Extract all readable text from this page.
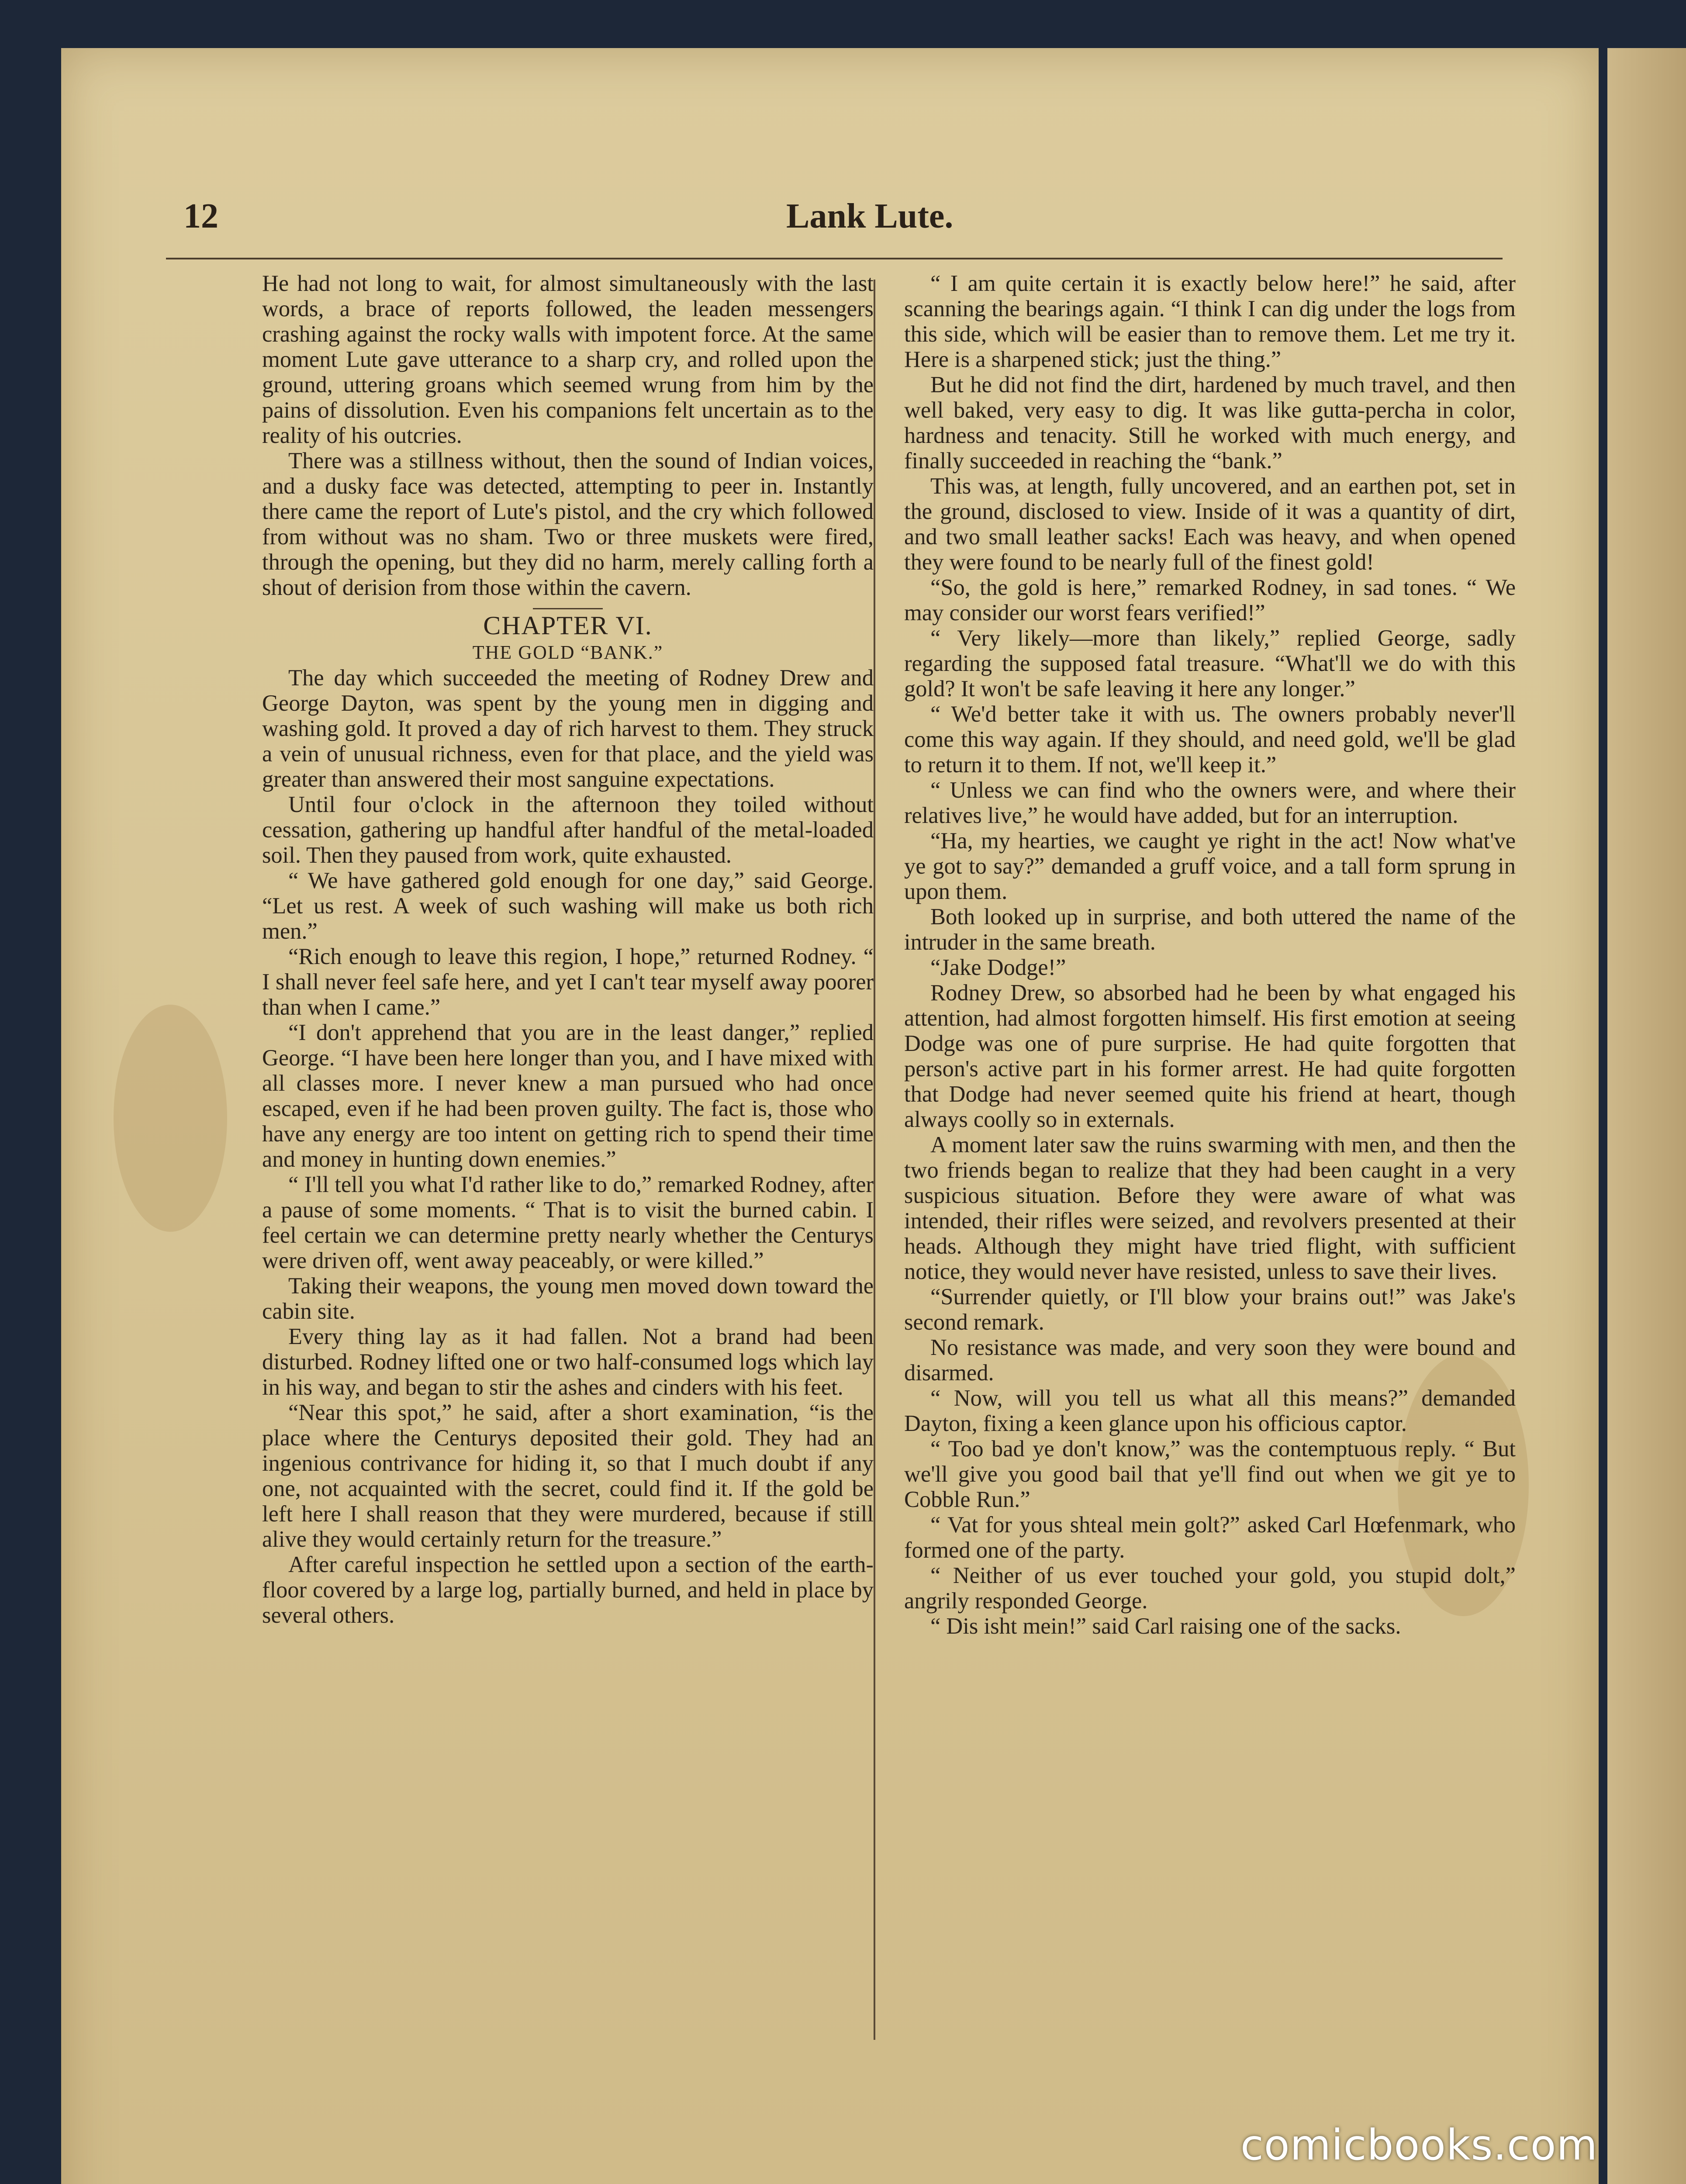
12	Lank Lute.

He had not long to wait, for almost simultaneously with the last words, a brace of reports followed, the leaden messengers crashing against the rocky walls with impotent force. At the same moment Lute gave utterance to a sharp cry, and rolled upon the ground, uttering groans which seemed wrung from him by the pains of dissolution. Even his companions felt uncertain as to the reality of his outcries.

There was a stillness without, then the sound of Indian voices, and a dusky face was detected, attempting to peer in. Instantly there came the report of Lute's pistol, and the cry which followed from without was no sham. Two or three muskets were fired, through the opening, but they did no harm, merely calling forth a shout of derision from those within the cavern.

CHAPTER VI.

THE GOLD “BANK.”

The day which succeeded the meeting of Rodney Drew and George Dayton, was spent by the young men in digging and washing gold. It proved a day of rich harvest to them. They struck a vein of unusual richness, even for that place, and the yield was greater than answered their most sanguine expectations.

Until four o'clock in the afternoon they toiled without cessation, gathering up handful after handful of the metal-loaded soil. Then they paused from work, quite exhausted.

“ We have gathered gold enough for one day,” said George. “Let us rest. A week of such washing will make us both rich men.”

“Rich enough to leave this region, I hope,” returned Rodney. “ I shall never feel safe here, and yet I can't tear myself away poorer than when I came.”

“I don't apprehend that you are in the least danger,” replied George. “I have been here longer than you, and I have mixed with all classes more. I never knew a man pursued who had once escaped, even if he had been proven guilty. The fact is, those who have any energy are too intent on getting rich to spend their time and money in hunting down enemies.”

“ I'll tell you what I'd rather like to do,” remarked Rodney, after a pause of some moments. “ That is to visit the burned cabin. I feel certain we can determine pretty nearly whether the Centurys were driven off, went away peaceably, or were killed.”

Taking their weapons, the young men moved down toward the cabin site.

Every thing lay as it had fallen. Not a brand had been disturbed. Rodney lifted one or two half-consumed logs which lay in his way, and began to stir the ashes and cinders with his feet.

“Near this spot,” he said, after a short examination, “is the place where the Centurys deposited their gold. They had an ingenious contrivance for hiding it, so that I much doubt if any one, not acquainted with the secret, could find it. If the gold be left here I shall reason that they were murdered, because if still alive they would certainly return for the treasure.”

After careful inspection he settled upon a section of the earth-floor covered by a large log, partially burned, and held in place by several others.

“ I am quite certain it is exactly below here!” he said, after scanning the bearings again. “I think I can dig under the logs from this side, which will be easier than to remove them. Let me try it. Here is a sharpened stick; just the thing.”

But he did not find the dirt, hardened by much travel, and then well baked, very easy to dig. It was like gutta-percha in color, hardness and tenacity. Still he worked with much energy, and finally succeeded in reaching the “bank.”

This was, at length, fully uncovered, and an earthen pot, set in the ground, disclosed to view. Inside of it was a quantity of dirt, and two small leather sacks! Each was heavy, and when opened they were found to be nearly full of the finest gold!

“So, the gold is here,” remarked Rodney, in sad tones. “ We may consider our worst fears verified!”

“ Very likely—more than likely,” replied George, sadly regarding the supposed fatal treasure. “What'll we do with this gold? It won't be safe leaving it here any longer.”

“ We'd better take it with us. The owners probably never'll come this way again. If they should, and need gold, we'll be glad to return it to them. If not, we'll keep it.”

“ Unless we can find who the owners were, and where their relatives live,” he would have added, but for an interruption.

“Ha, my hearties, we caught ye right in the act! Now what've ye got to say?” demanded a gruff voice, and a tall form sprung in upon them.

Both looked up in surprise, and both uttered the name of the intruder in the same breath.

“Jake Dodge!”

Rodney Drew, so absorbed had he been by what engaged his attention, had almost forgotten himself. His first emotion at seeing Dodge was one of pure surprise. He had quite forgotten that person's active part in his former arrest. He had quite forgotten that Dodge had never seemed quite his friend at heart, though always coolly so in externals.

A moment later saw the ruins swarming with men, and then the two friends began to realize that they had been caught in a very suspicious situation. Before they were aware of what was intended, their rifles were seized, and revolvers presented at their heads. Although they might have tried flight, with sufficient notice, they would never have resisted, unless to save their lives.

“Surrender quietly, or I'll blow your brains out!” was Jake's second remark.

No resistance was made, and very soon they were bound and disarmed.

“ Now, will you tell us what all this means?” demanded Dayton, fixing a keen glance upon his officious captor.

“ Too bad ye don't know,” was the contemptuous reply. “ But we'll give you good bail that ye'll find out when we git ye to Cobble Run.”

“ Vat for yous shteal mein golt?” asked Carl Hœfenmark, who formed one of the party.

“ Neither of us ever touched your gold, you stupid dolt,” angrily responded George.

“ Dis isht mein!” said Carl raising one of the sacks.

comicbooks.com
